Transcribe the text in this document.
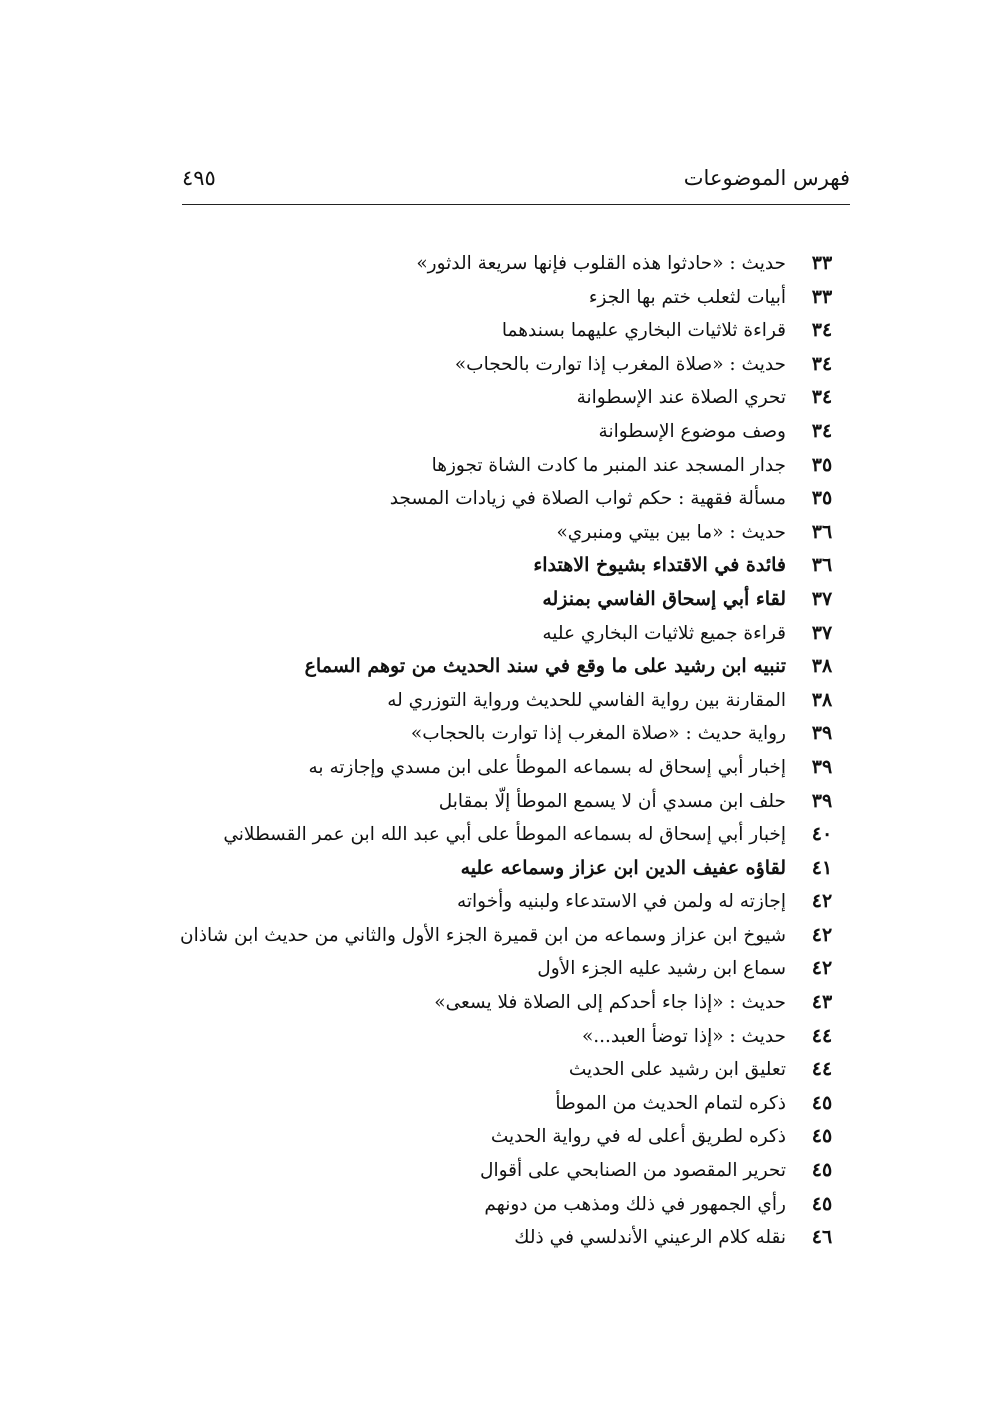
فهرس الموضوعات
٤٩٥
٣٣
حديث : «حادثوا هذه القلوب فإنها سريعة الدثور»
٣٣
أبيات لثعلب ختم بها الجزء
٣٤
قراءة ثلاثيات البخاري عليهما بسندهما
٣٤
حديث : «صلاة المغرب إذا توارت بالحجاب»
٣٤
تحري الصلاة عند الإسطوانة
٣٤
وصف موضوع الإسطوانة
٣٥
جدار المسجد عند المنبر ما كادت الشاة تجوزها
٣٥
مسألة فقهية : حكم ثواب الصلاة في زيادات المسجد
٣٦
حديث : «ما بين بيتي ومنبري»
٣٦
فائدة في الاقتداء بشيوخ الاهتداء
٣٧
لقاء أبي إسحاق الفاسي بمنزله
٣٧
قراءة جميع ثلاثيات البخاري عليه
٣٨
تنبيه ابن رشيد على ما وقع في سند الحديث من توهم السماع
٣٨
المقارنة بين رواية الفاسي للحديث ورواية التوزري له
٣٩
رواية حديث : «صلاة المغرب إذا توارت بالحجاب»
٣٩
إخبار أبي إسحاق له بسماعه الموطأ على ابن مسدي وإجازته به
٣٩
حلف ابن مسدي أن لا يسمع الموطأ إلّا بمقابل
٤٠
إخبار أبي إسحاق له بسماعه الموطأ على أبي عبد الله ابن عمر القسطلاني
٤١
لقاؤه عفيف الدين ابن عزاز وسماعه عليه
٤٢
إجازته له ولمن في الاستدعاء ولبنيه وأخواته
٤٢
شيوخ ابن عزاز وسماعه من ابن قميرة الجزء الأول والثاني من حديث ابن شاذان
٤٢
سماع ابن رشيد عليه الجزء الأول
٤٣
حديث : «إذا جاء أحدكم إلى الصلاة فلا يسعى»
٤٤
حديث : «إذا توضأ العبد...»
٤٤
تعليق ابن رشيد على الحديث
٤٥
ذكره لتمام الحديث من الموطأ
٤٥
ذكره لطريق أعلى له في رواية الحديث
٤٥
تحرير المقصود من الصنابحي على أقوال
٤٥
رأي الجمهور في ذلك ومذهب من دونهم
٤٦
نقله كلام الرعيني الأندلسي في ذلك
